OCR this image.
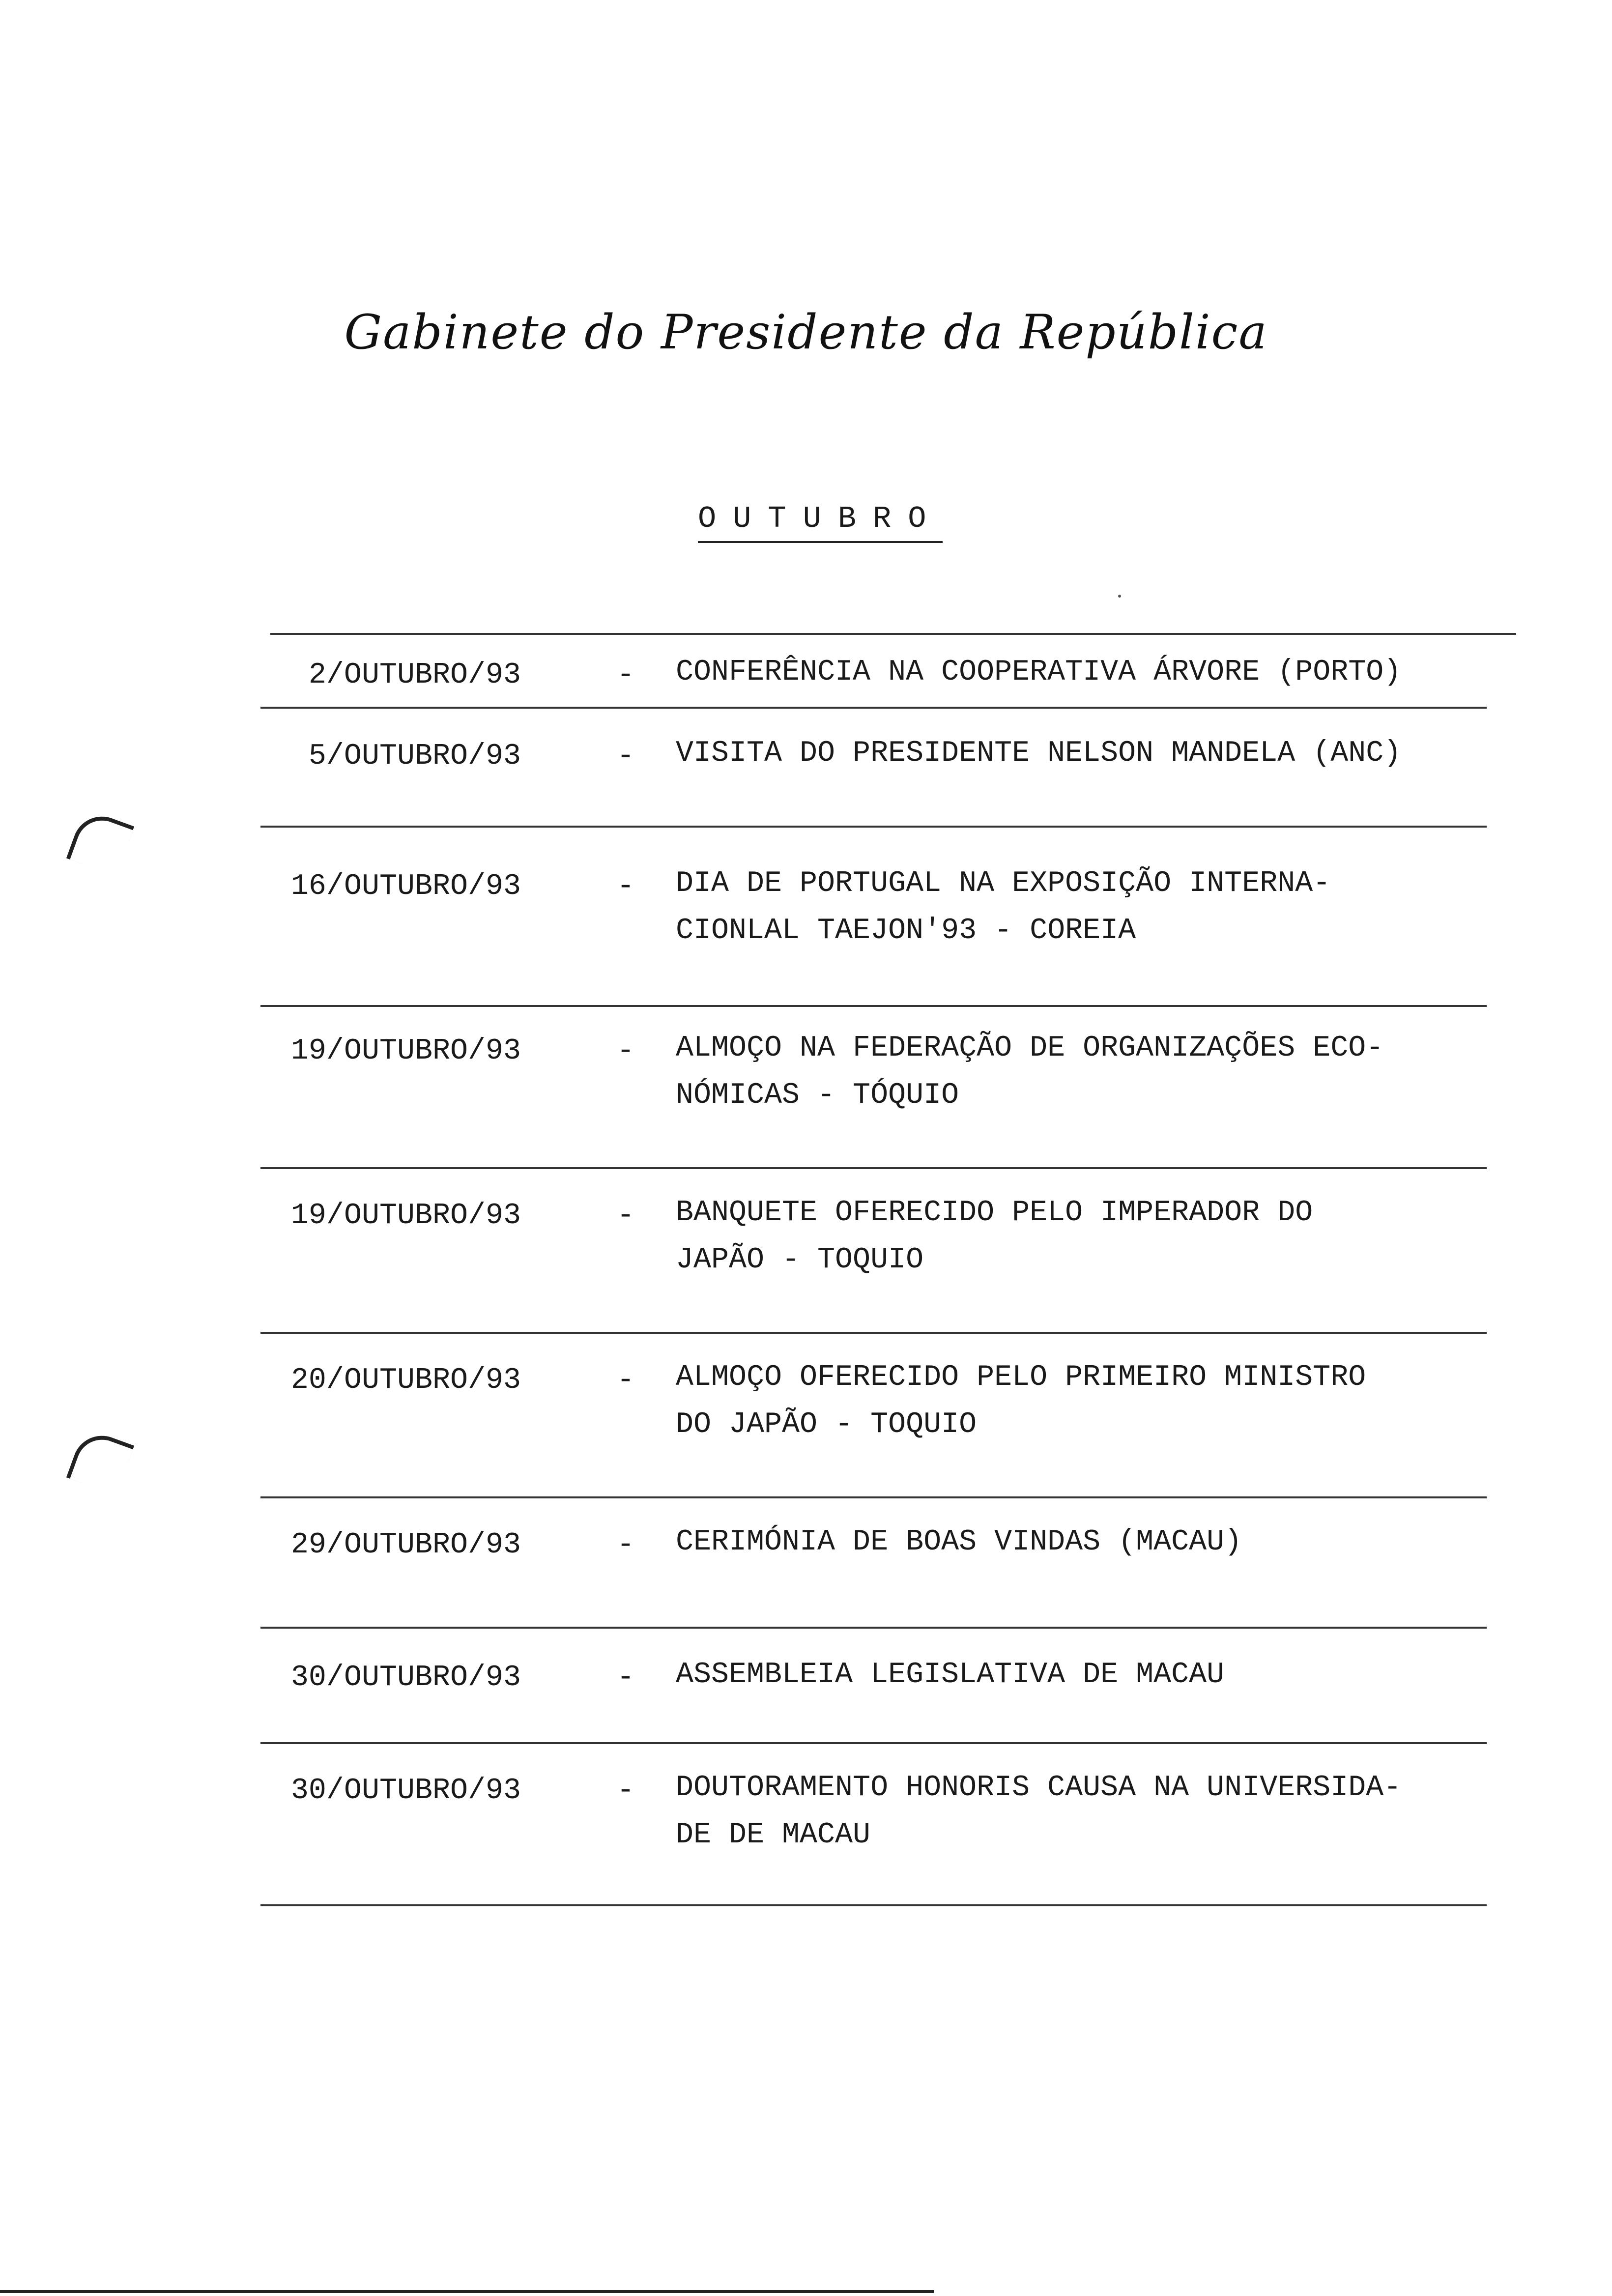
Gabinete do Presidente da República
OUTUBRO
2/OUTUBRO/93	- CONFERÊNCIA NA COOPERATIVA ÁRVORE (PORTO)
5/OUTUBRO/93	- VISITA DO PRESIDENTE NELSON MANDELA (ANC)
16/OUTUBRO/93	- DIA DE PORTUGAL NA EXPOSIÇÃO INTERNA-
CIONLAL TAEJON'93 - COREIA
19/OUTUBRO/93	- ALMOÇO NA FEDERAÇÃO DE ORGANIZAÇÕES ECO-
NÓMICAS - TÓQUIO
19/OUTUBRO/93	- BANQUETE OFERECIDO PELO IMPERADOR DO
JAPÃO - TOQUIO
20/OUTUBRO/93	- ALMOÇO OFERECIDO PELO PRIMEIRO MINISTRO
DO JAPÃO - TOQUIO
29/OUTUBRO/93	- CERIMÓNIA DE BOAS VINDAS (MACAU)
30/OUTUBRO/93	- ASSEMBLEIA LEGISLATIVA DE MACAU
30/OUTUBRO/93	- DOUTORAMENTO HONORIS CAUSA NA UNIVERSIDA-
DE DE MACAU
